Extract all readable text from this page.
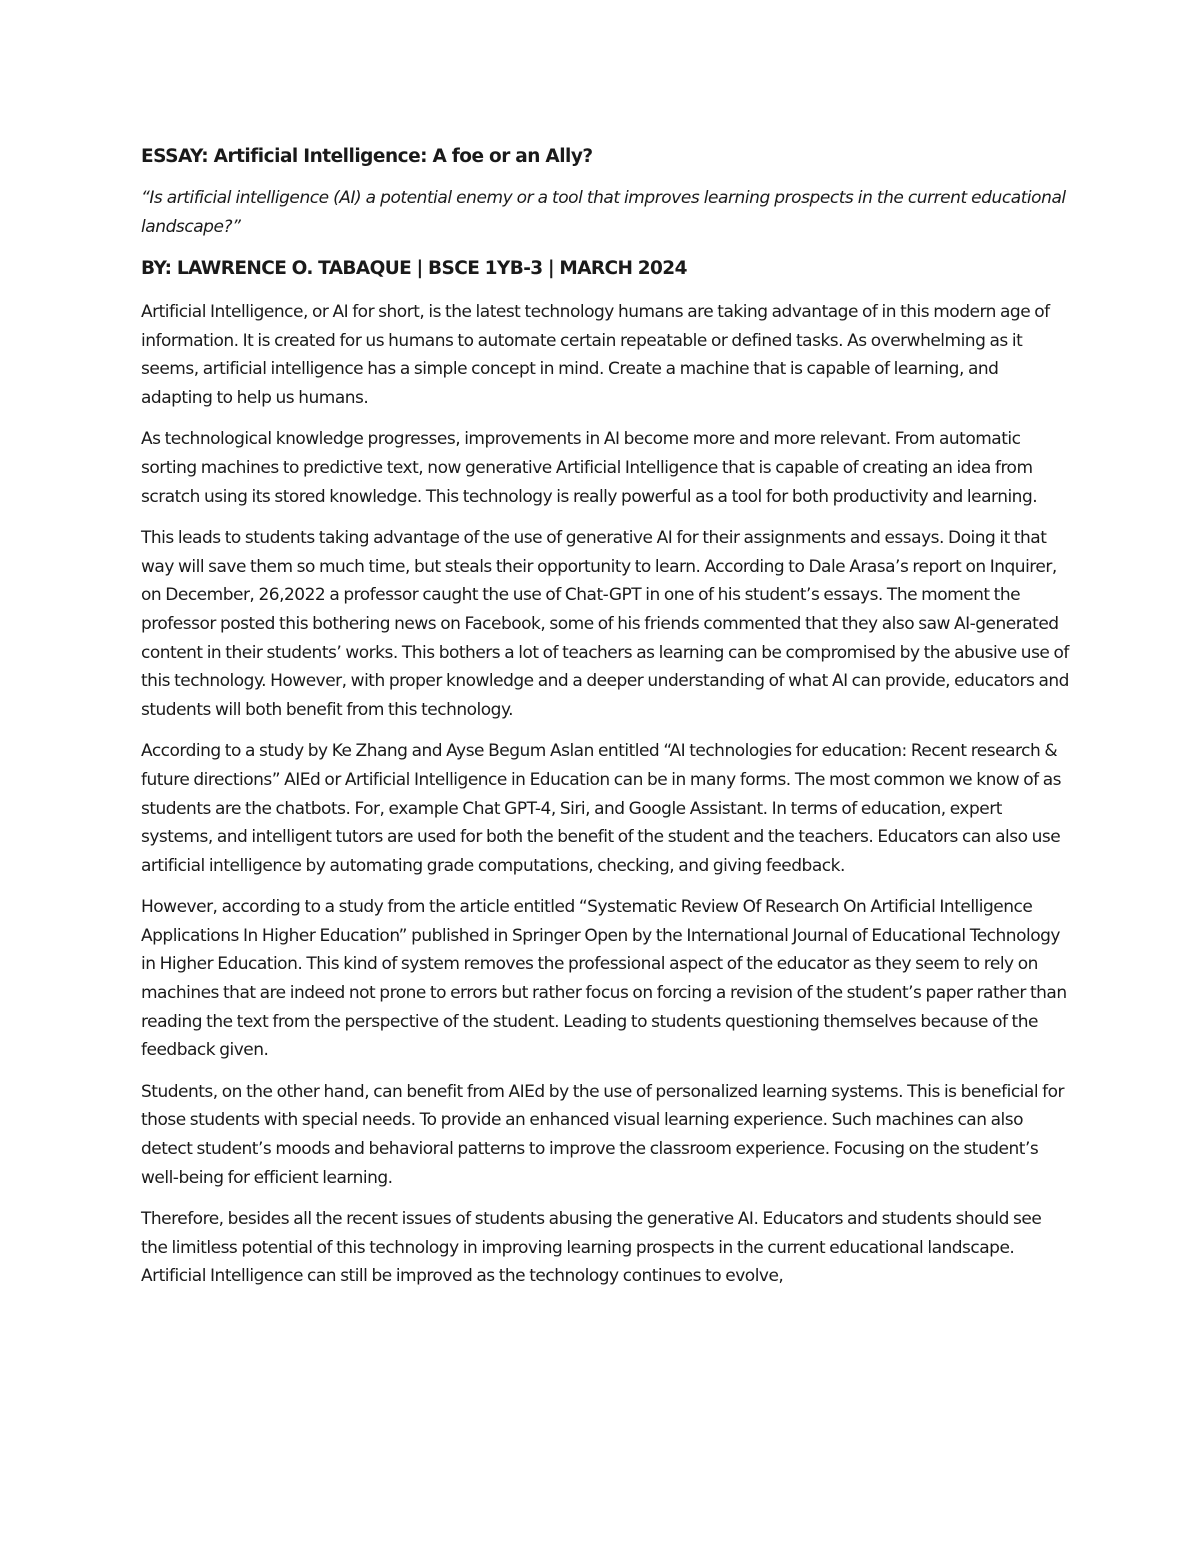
ESSAY: Artificial Intelligence: A foe or an Ally?

“Is artificial intelligence (AI) a potential enemy or a tool that improves learning prospects in the current educational landscape?”

BY: LAWRENCE O. TABAQUE | BSCE 1YB-3 | MARCH 2024

Artificial Intelligence, or AI for short, is the latest technology humans are taking advantage of in this modern age of information. It is created for us humans to automate certain repeatable or defined tasks. As overwhelming as it seems, artificial intelligence has a simple concept in mind. Create a machine that is capable of learning, and adapting to help us humans.

As technological knowledge progresses, improvements in AI become more and more relevant. From automatic sorting machines to predictive text, now generative Artificial Intelligence that is capable of creating an idea from scratch using its stored knowledge. This technology is really powerful as a tool for both productivity and learning.

This leads to students taking advantage of the use of generative AI for their assignments and essays. Doing it that way will save them so much time, but steals their opportunity to learn. According to Dale Arasa’s report on Inquirer, on December, 26,2022 a professor caught the use of Chat-GPT in one of his student’s essays. The moment the professor posted this bothering news on Facebook, some of his friends commented that they also saw AI-generated content in their students’ works. This bothers a lot of teachers as learning can be compromised by the abusive use of this technology. However, with proper knowledge and a deeper understanding of what AI can provide, educators and students will both benefit from this technology.

According to a study by Ke Zhang and Ayse Begum Aslan entitled “AI technologies for education: Recent research & future directions” AIEd or Artificial Intelligence in Education can be in many forms. The most common we know of as students are the chatbots. For, example Chat GPT-4, Siri, and Google Assistant. In terms of education, expert systems, and intelligent tutors are used for both the benefit of the student and the teachers. Educators can also use artificial intelligence by automating grade computations, checking, and giving feedback.

However, according to a study from the article entitled “Systematic Review Of Research On Artificial Intelligence Applications In Higher Education” published in Springer Open by the International Journal of Educational Technology in Higher Education. This kind of system removes the professional aspect of the educator as they seem to rely on machines that are indeed not prone to errors but rather focus on forcing a revision of the student’s paper rather than reading the text from the perspective of the student. Leading to students questioning themselves because of the feedback given.

Students, on the other hand, can benefit from AIEd by the use of personalized learning systems. This is beneficial for those students with special needs. To provide an enhanced visual learning experience. Such machines can also detect student’s moods and behavioral patterns to improve the classroom experience. Focusing on the student’s well-being for efficient learning.

Therefore, besides all the recent issues of students abusing the generative AI. Educators and students should see the limitless potential of this technology in improving learning prospects in the current educational landscape. Artificial Intelligence can still be improved as the technology continues to evolve,
